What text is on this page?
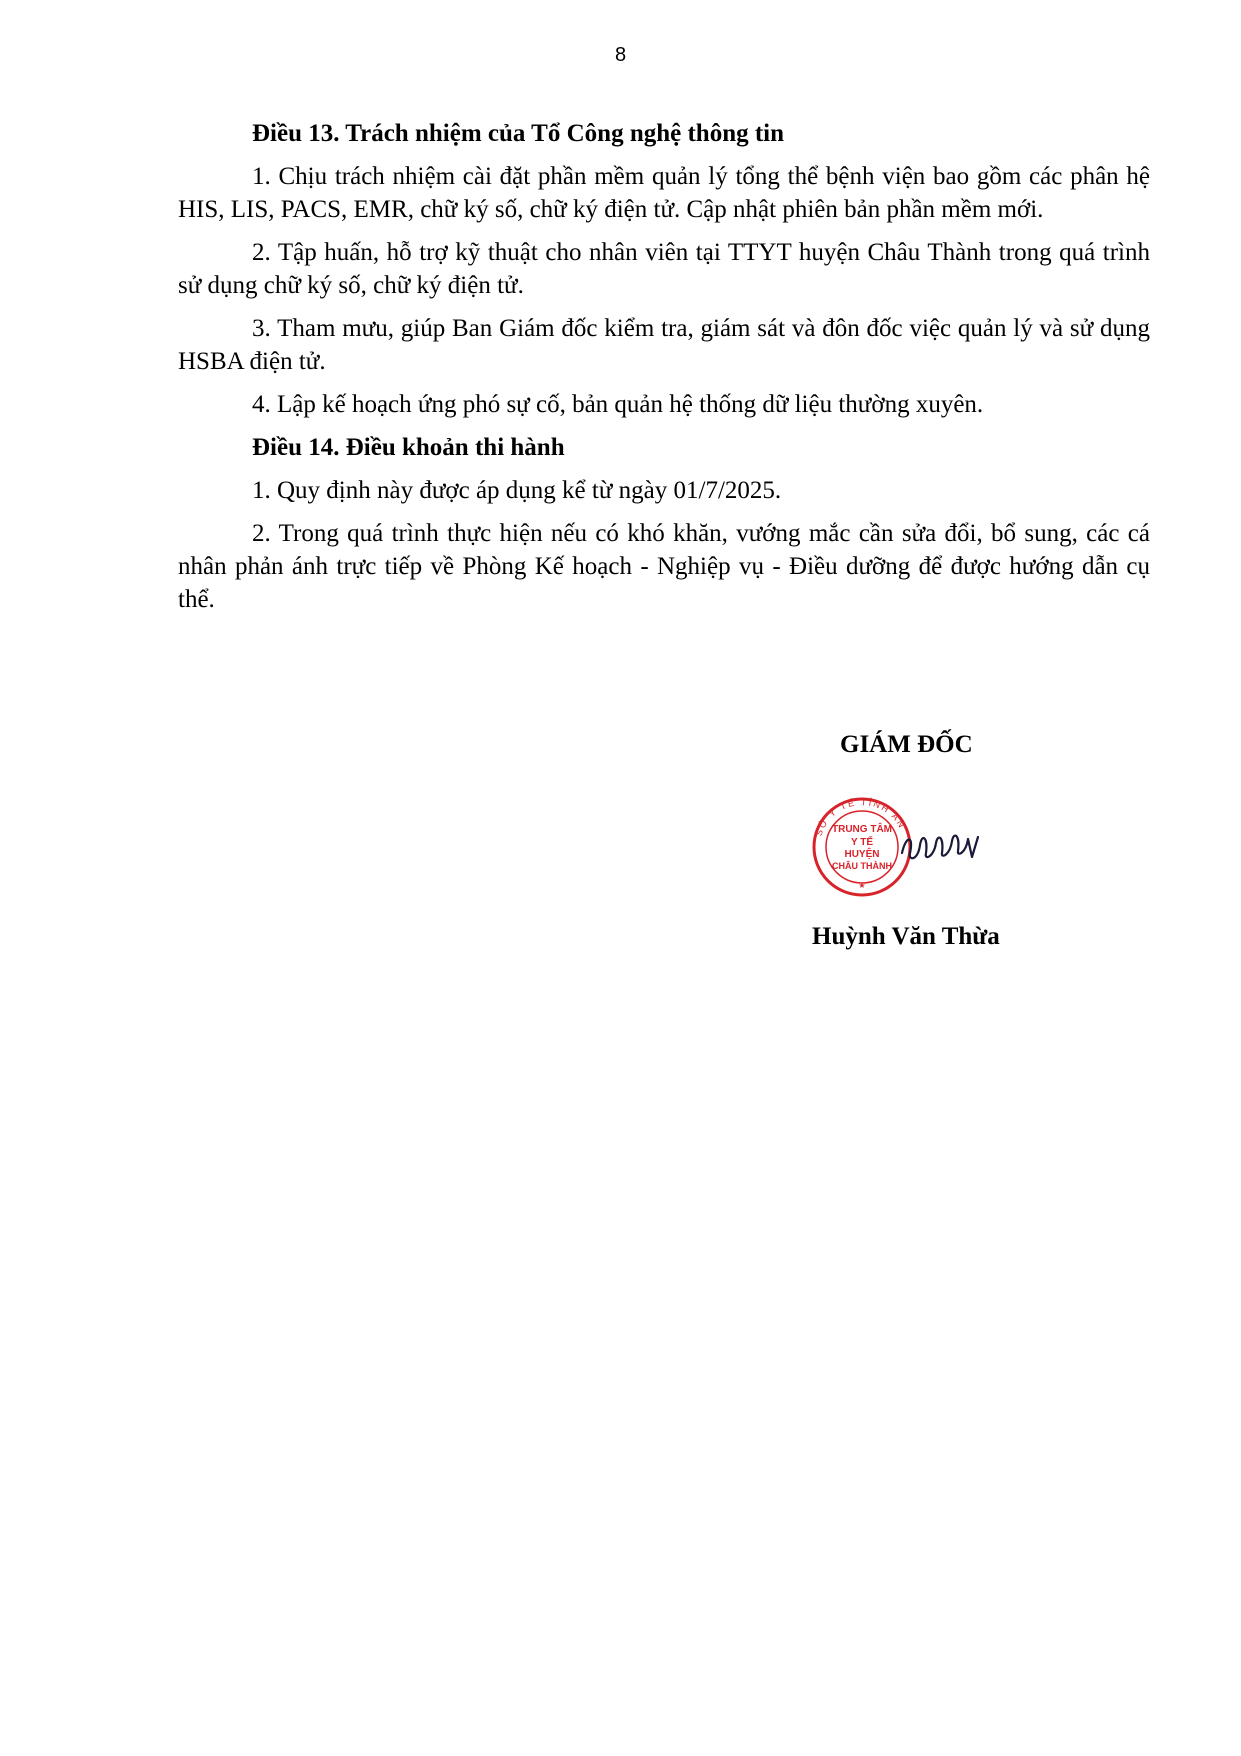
8

Điều 13. Trách nhiệm của Tổ Công nghệ thông tin

1. Chịu trách nhiệm cài đặt phần mềm quản lý tổng thể bệnh viện bao gồm các phân hệ HIS, LIS, PACS, EMR, chữ ký số, chữ ký điện tử. Cập nhật phiên bản phần mềm mới.

2. Tập huấn, hỗ trợ kỹ thuật cho nhân viên tại TTYT huyện Châu Thành trong quá trình sử dụng chữ ký số, chữ ký điện tử.

3. Tham mưu, giúp Ban Giám đốc kiểm tra, giám sát và đôn đốc việc quản lý và sử dụng HSBA điện tử.

4. Lập kế hoạch ứng phó sự cố, bản quản hệ thống dữ liệu thường xuyên.

Điều 14. Điều khoản thi hành

1. Quy định này được áp dụng kể từ ngày 01/7/2025.

2. Trong quá trình thực hiện nếu có khó khăn, vướng mắc cần sửa đổi, bổ sung, các cá nhân phản ánh trực tiếp về Phòng Kế hoạch - Nghiệp vụ - Điều dưỡng để được hướng dẫn cụ thể.

GIÁM ĐỐC
SỞ Y TẾ TỈNH AN
TRUNG TÂM
Y TẾ
HUYỆN
CHÂU THÀNH
★
Huỳnh Văn Thừa
